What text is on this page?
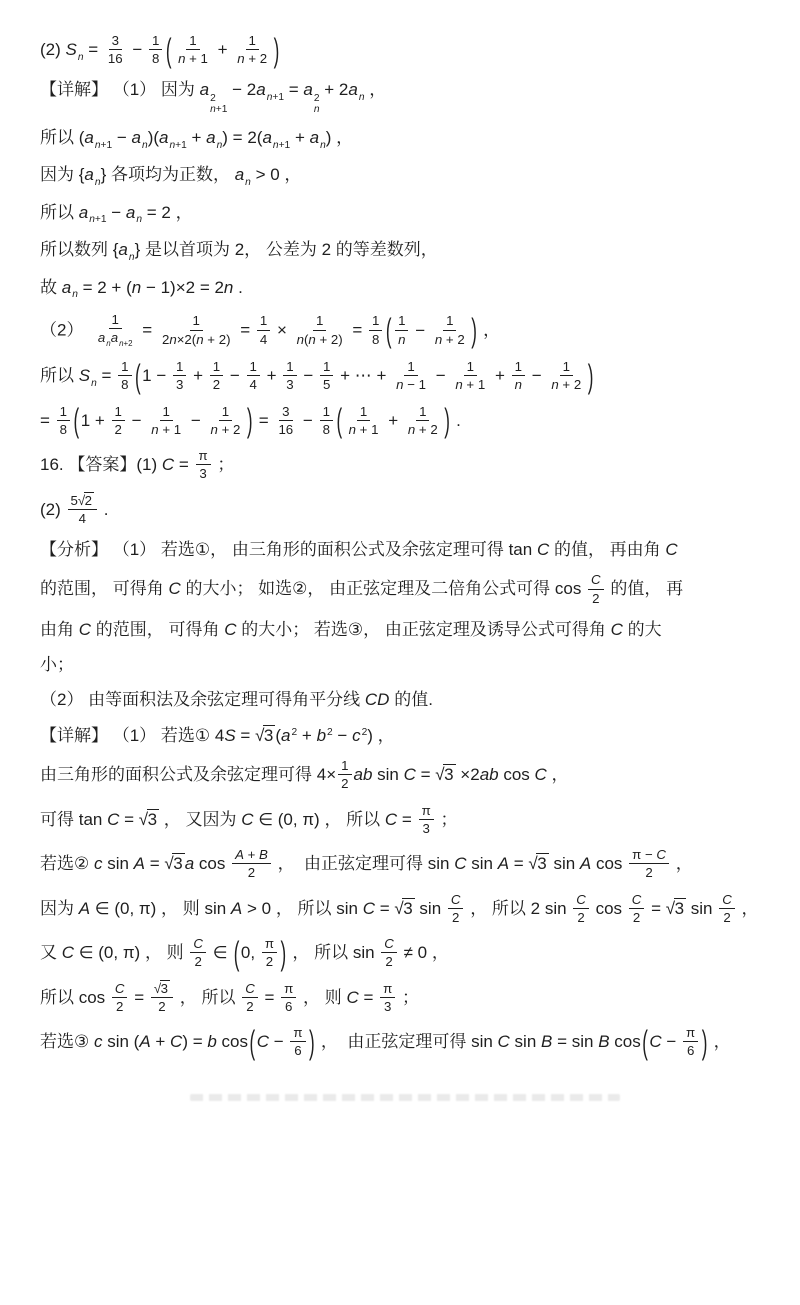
(2) $S_n = \frac{3}{16} - \frac{1}{8}$ ( $\frac{1}{n + 1} + \frac{1}{n + 2}$ )
【详解】 （1） 因为 a 2
n+1
− $2a_{n+1} = a$ 2
n
+ $2a_n$ ，
所以 $(a_{n+1} - a_n)(a_{n+1} + a_n) = 2(a_{n+1} + a_n)$ ，
因为 $\{a_n\}$ 各项均为正数， $a_n > 0$ ，
所以 $a_{n+1} - a_n = 2$ ，
所以数列 $\{a_n\}$ 是以首项为 2， 公差为 2 的等差数列，
故 $a_n = 2 + (n - 1)\times 2 = 2n$ .
$(2) \frac{1}{a_na_{n+2}} = \frac{1}{2n\times 2(n + 2)} = \frac{1}{4} \times \frac{1}{n(n + 2)} = \frac{1}{8}$ ( $\frac{1}{n} - \frac{1}{n + 2}$ ) ，
所以 $S_n = \frac{1}{8} (1 - \frac{1}{3} + \frac{1}{2} - \frac{1}{4} + \frac{1}{3} - \frac{1}{5}$ + ⋯ + $\frac{1}{n - 1} - \frac{1}{n + 1} + \frac{1}{n} - \frac{1}{n + 2}$ )
= $\frac{1}{8} (1 + \frac{1}{2} - \frac{1}{n + 1} - \frac{1}{n + 2}$ ) = $\frac{3}{16} - \frac{1}{8}$ ( $\frac{1}{n + 1} + \frac{1}{n + 2}$ ) .
16. 【答案】(1) $C = \frac{\pi}{3}$ ；
$(2) \frac{5√2}{4}$ .
【分析】 （1） 若选①， 由三角形的面积公式及余弦定理可得 tan C 的值， 再由角 C
的范围， 可得角 C 的大小； 如选②， 由正弦定理及二倍角公式可得 $\cos \frac{C}{2}$ 的值， 再
由角 C 的范围， 可得角 C 的大小； 若选③， 由正弦定理及诱导公式可得角 C 的大
小；
（2） 由等面积法及余弦定理可得角平分线 CD 的值.
【详解】 （1） 若选① 4S = √3 $(a^2 + b^2 - c^2)$ ，
由三角形的面积公式及余弦定理可得 $4\times \frac{1}{2}$ ab sin C = √3 ×2ab cos C ，
可得 tan C = √3 ， 又因为 C ∈ (0, π) ， 所以 $C = \frac{\pi}{3}$ ；
若选② c sin A = √3 a $\cos \frac{A + B}{2}$ ，  由正弦定理可得 sin C sin A = √3 sin A $\cos \frac{\pi - C}{2}$ ，
因为 A ∈ (0, π) ， 则 sin A > 0 ， 所以 sin C = √3 $\sin \frac{C}{2}$ ， 所以 2 $\sin \frac{C}{2}$ $\cos \frac{C}{2} = √3$ $\sin \frac{C}{2}$ ，
又 C ∈ (0, π) ， 则 $\frac{C}{2}$ ∈ (0, $\frac{\pi}{2}$ ) ， 所以 $\sin \frac{C}{2} \ne 0$ ，
所以 $\cos \frac{C}{2} = \frac{√3}{2}$ ， 所以 $\frac{C}{2} = \frac{\pi}{6}$ ， 则 $C = \frac{\pi}{3}$ ；
若选③ c sin (A + C) = b $\cos(C - \frac{\pi}{6}$ ) ，  由正弦定理可得 sin C sin B = sin B $\cos(C - \frac{\pi}{6}$ ) ，
